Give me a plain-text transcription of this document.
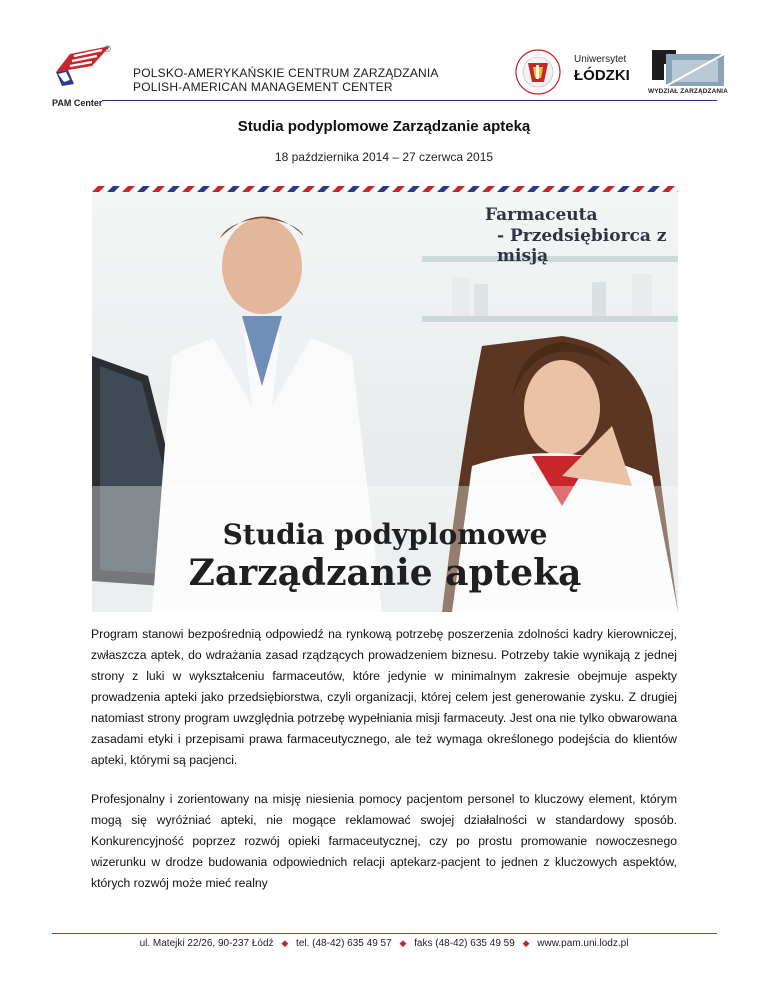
®
POLSKO-AMERYKAŃSKIE CENTRUM ZARZĄDZANIA
POLISH-AMERICAN MANAGEMENT CENTER
PAM Center
Uniwersytet
ŁÓDZKI
WYDZIAŁ ZARZĄDZANIA
Studia podyplomowe Zarządzanie apteką
18 października 2014 – 27 czerwca 2015
Farmaceuta
- Przedsiębiorca z misją
Studia podyplomowe
Zarządzanie apteką

Program stanowi bezpośrednią odpowiedź na rynkową potrzebę poszerzenia zdolności kadry kierowniczej, zwłaszcza aptek, do wdrażania zasad rządzących prowadzeniem biznesu. Potrzeby takie wynikają z jednej strony z luki w wykształceniu farmaceutów, które jedynie w minimalnym zakresie obejmuje aspekty prowadzenia apteki jako przedsiębiorstwa, czyli organizacji, której celem jest generowanie zysku. Z drugiej natomiast strony program uwzględnia potrzebę wypełniania misji farmaceuty. Jest ona nie tylko obwarowana zasadami etyki i przepisami prawa farmaceutycznego, ale też wymaga określonego podejścia do klientów apteki, którymi są pacjenci.

Profesjonalny i zorientowany na misję niesienia pomocy pacjentom personel to kluczowy element, którym mogą się wyróżniać apteki, nie mogące reklamować swojej działalności w standardowy sposób. Konkurencyjność poprzez rozwój opieki farmaceutycznej, czy po prostu promowanie nowoczesnego wizerunku w drodze budowania odpowiednich relacji aptekarz-pacjent to jednen z kluczowych aspektów, których rozwój może mieć realny

ul. Matejki 22/26, 90-237 Łódź ◆ tel. (48-42) 635 49 57 ◆ faks (48-42) 635 49 59 ◆ www.pam.uni.lodz.pl
